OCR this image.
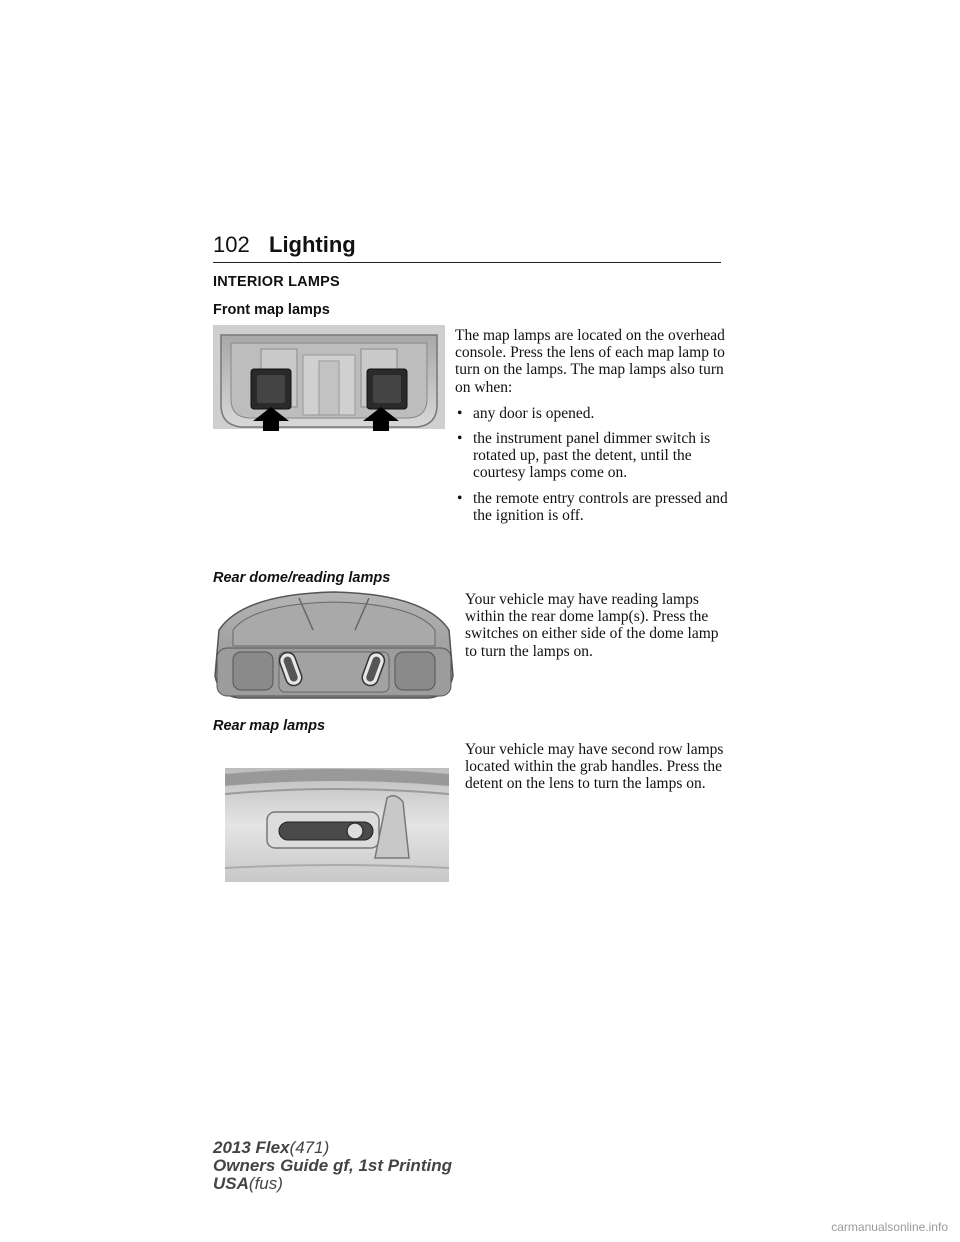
102 Lighting
INTERIOR LAMPS
Front map lamps

The map lamps are located on the overhead console. Press the lens of each map lamp to turn on the lamps. The map lamps also turn on when:

• any door is opened.
• the instrument panel dimmer switch is rotated up, past the detent, until the courtesy lamps come on.
• the remote entry controls are pressed and the ignition is off.
Rear dome/reading lamps

Your vehicle may have reading lamps within the rear dome lamp(s). Press the switches on either side of the dome lamp to turn the lamps on.

Rear map lamps

Your vehicle may have second row lamps located within the grab handles. Press the detent on the lens to turn the lamps on.

2013 Flex(471)
Owners Guide gf, 1st Printing
USA(fus)
carmanualsonline.info
